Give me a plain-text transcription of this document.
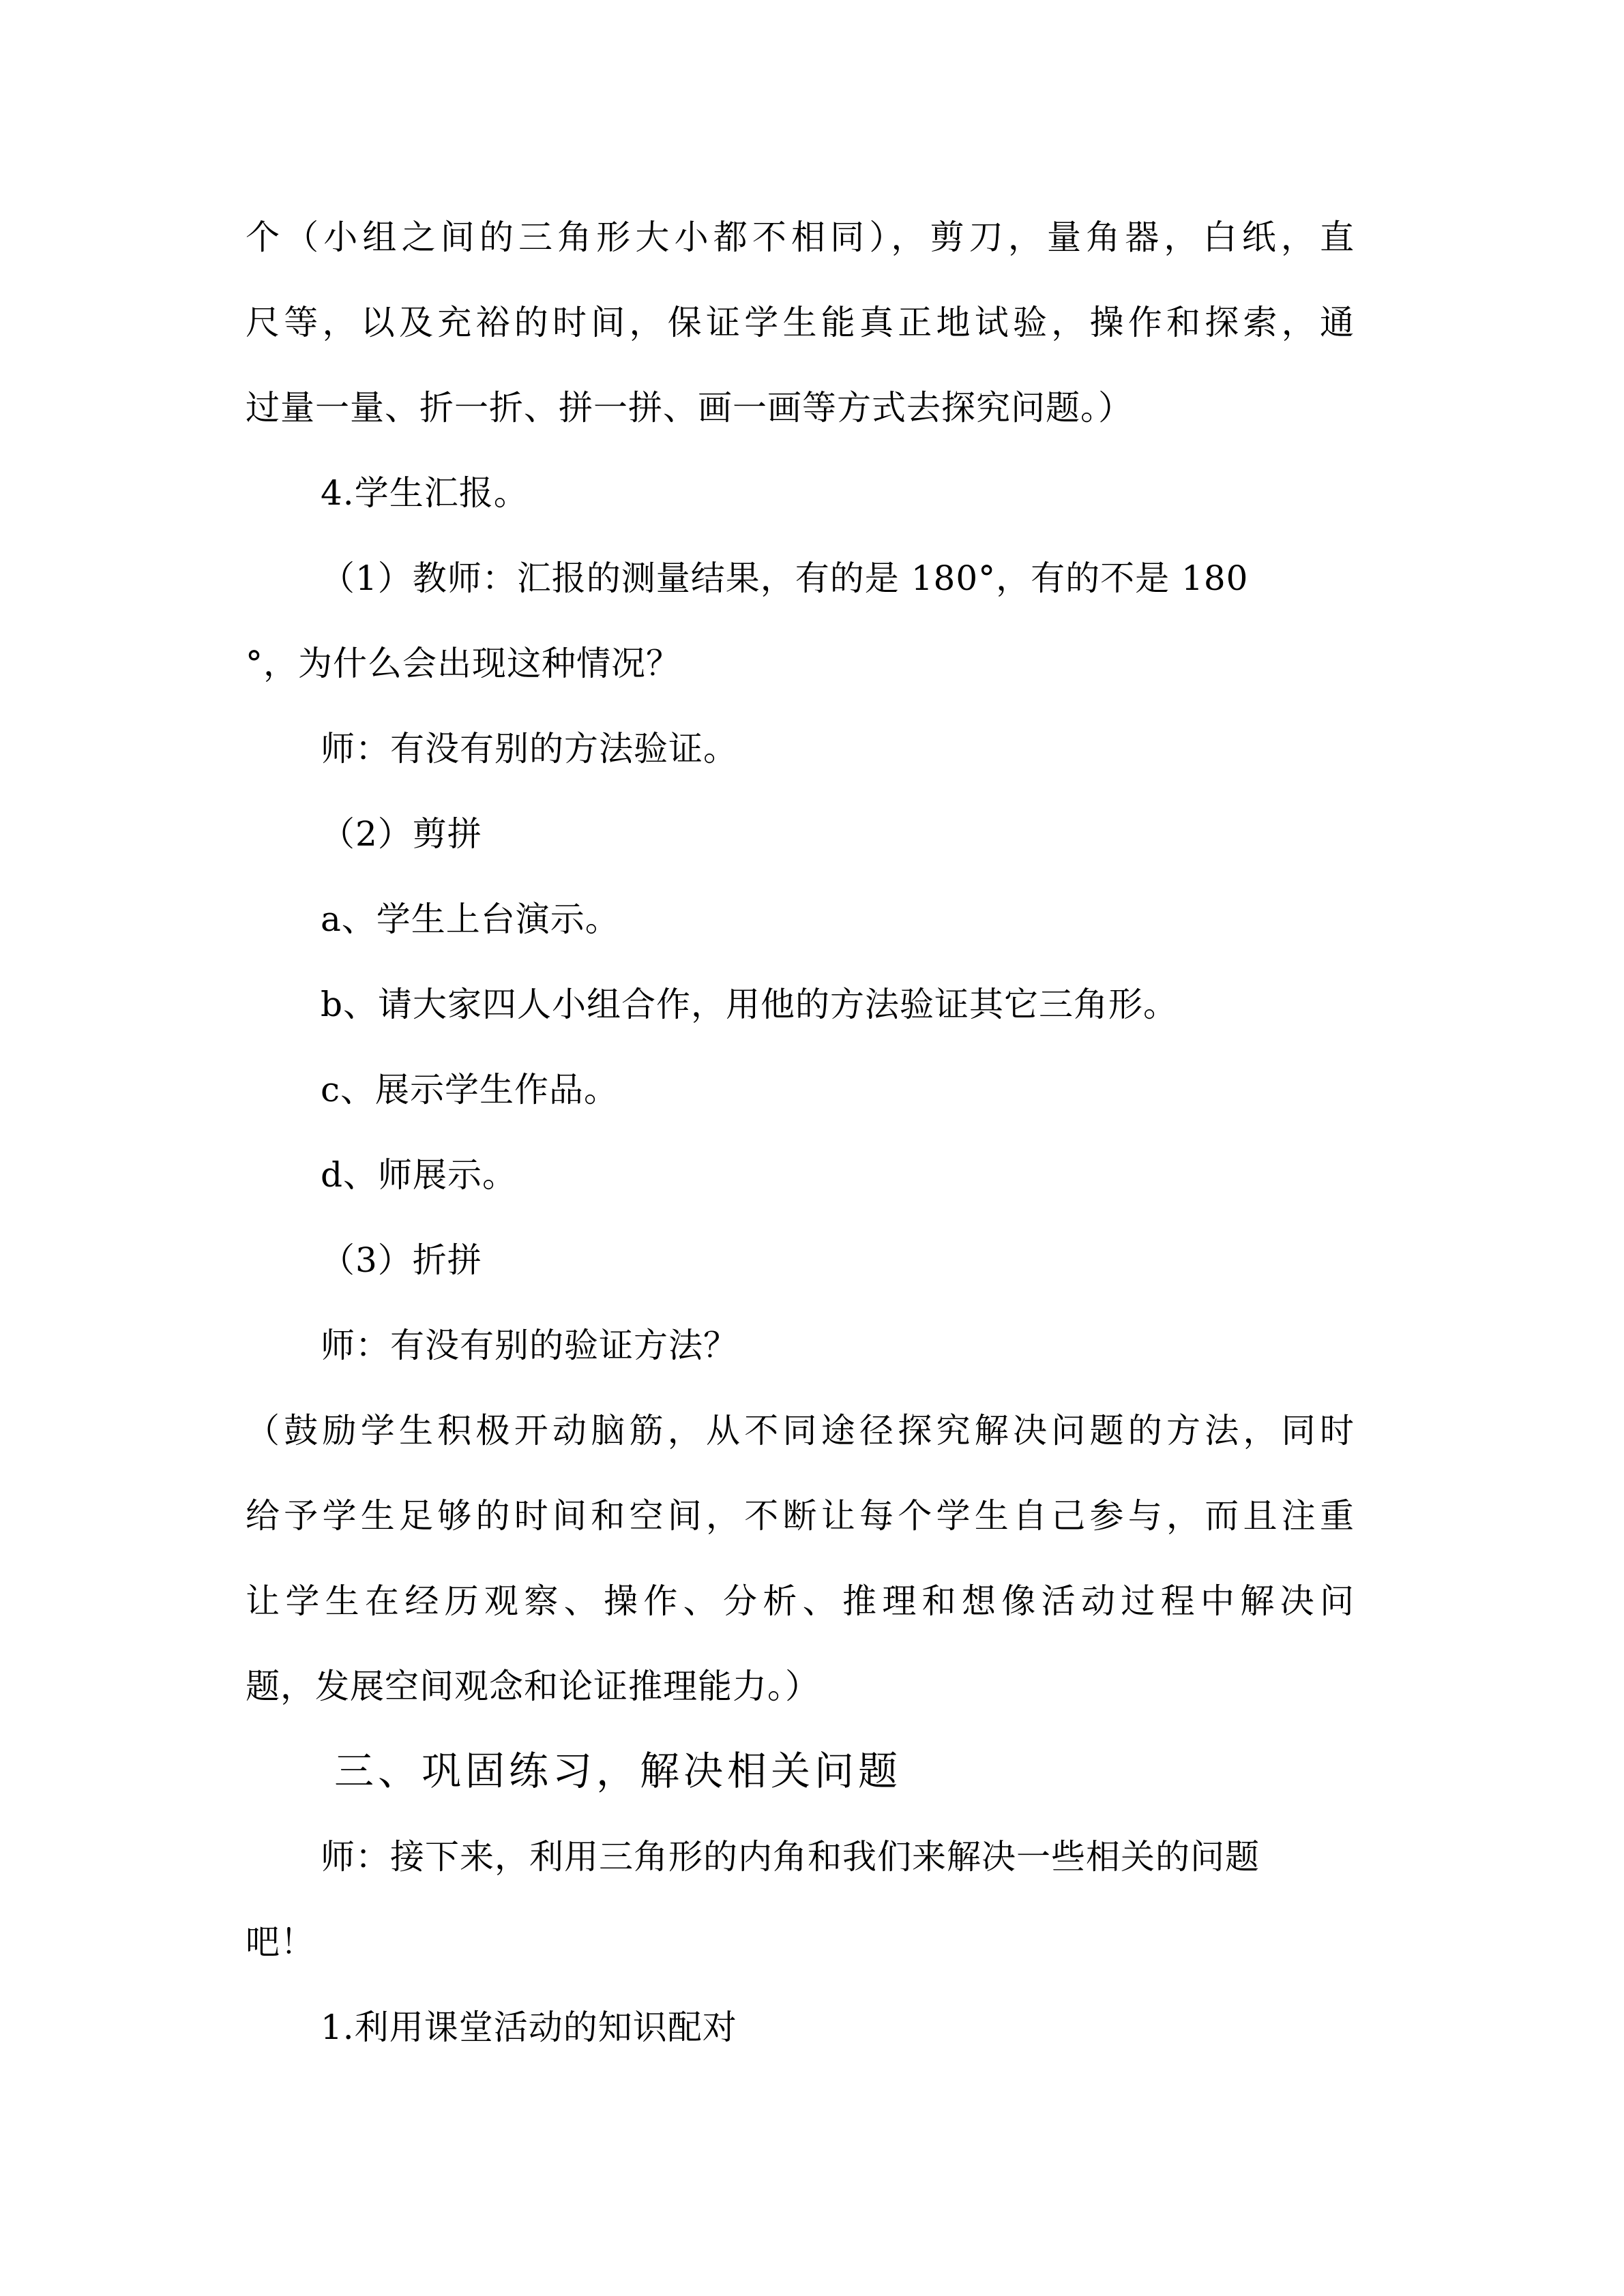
个（小组之间的三角形大小都不相同），剪刀，量角器，白纸，直
尺等，以及充裕的时间，保证学生能真正地试验，操作和探索，通
过量一量、折一折、拼一拼、画一画等方式去探究问题。）
4.学生汇报。
（1）教师：汇报的测量结果，有的是 180°，有的不是 180
°，为什么会出现这种情况？
师：有没有别的方法验证。
（2）剪拼
a、学生上台演示。
b、请大家四人小组合作，用他的方法验证其它三角形。
c、展示学生作品。
d、师展示。
（3）折拼
师：有没有别的验证方法？
（鼓励学生积极开动脑筋，从不同途径探究解决问题的方法，同时
给予学生足够的时间和空间，不断让每个学生自己参与，而且注重
让学生在经历观察、操作、分析、推理和想像活动过程中解决问
题，发展空间观念和论证推理能力。）
三、巩固练习，解决相关问题
师：接下来，利用三角形的内角和我们来解决一些相关的问题
吧！
1.利用课堂活动的知识配对
